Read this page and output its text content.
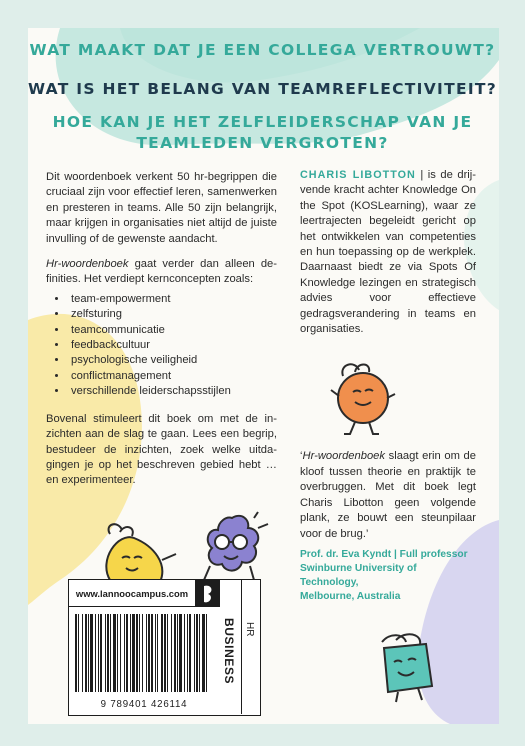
WAT MAAKT DAT JE EEN COLLEGA VERTROUWT?
WAT IS HET BELANG VAN TEAMREFLECTIVITEIT?
HOE KAN JE HET ZELFLEIDERSCHAP VAN JE
TEAMLEDEN VERGROTEN?

Dit woordenboek verkent 50 hr-begrippen die cruciaal zijn voor effectief leren, samenwerken en presteren in teams. Alle 50 zijn belangrijk, maar krijgen in organisaties niet altijd de juiste invulling of de gewenste aandacht.

Hr-woordenboek gaat verder dan alleen definities. Het verdiept kernconcepten zoals:

• team-empowerment
• zelfsturing
• teamcommunicatie
• feedbackcultuur
• psychologische veiligheid
• conflictmanagement
• verschillende leiderschapsstijlen

Bovenal stimuleert dit boek om met de inzichten aan de slag te gaan. Lees een begrip, bestudeer de inzichten, zoek welke uitdagingen je op het beschreven gebied hebt … en experimenteer.

CHARIS LIBOTTON | is de drijvende kracht achter Knowledge On the Spot (KOSLearning), waar ze leertrajecten begeleidt gericht op het ontwikkelen van competenties en hun toepassing op de werkplek. Daarnaast biedt ze via Spots Of Knowledge lezingen en strategisch advies voor effectieve gedragsverandering in teams en organisaties.

‘Hr-woordenboek slaagt erin om de kloof tussen theorie en praktijk te overbruggen. Met dit boek legt Charis Libotton geen volgende plank, ze bouwt een steunpilaar voor de brug.’

Prof. dr. Eva Kyndt | Full professor
Swinburne University of Technology,
Melbourne, Australia
www.lannoocampus.com
BUSINESS HR
9 789401 426114
